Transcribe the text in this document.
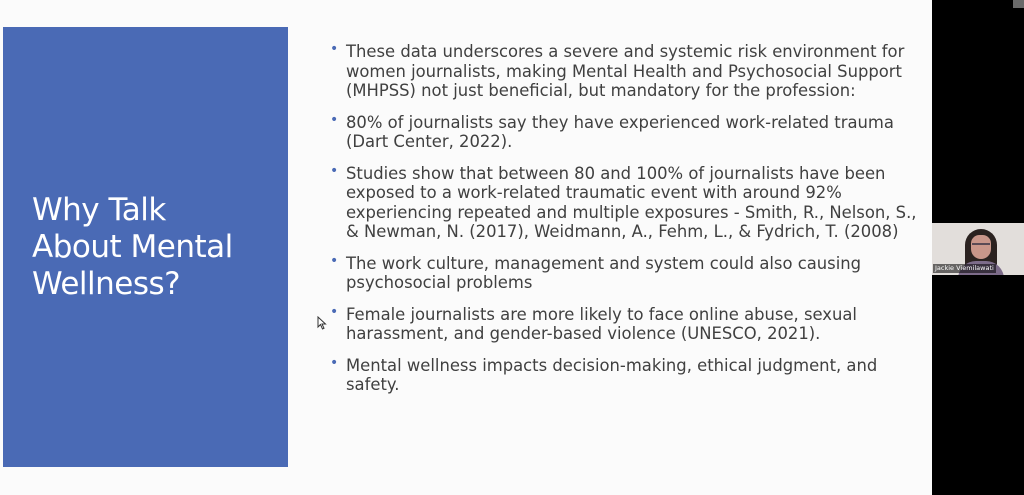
Why Talk
About Mental
Wellness?
• These data underscores a severe and systemic risk environment for women journalists, making Mental Health and Psychosocial Support (MHPSS) not just beneficial, but mandatory for the profession:
• 80% of journalists say they have experienced work-related trauma (Dart Center, 2022).
• Studies show that between 80 and 100% of journalists have been exposed to a work-related traumatic event with around 92% experiencing repeated and multiple exposures - Smith, R., Nelson, S., & Newman, N. (2017), Weidmann, A., Fehm, L., & Fydrich, T. (2008)
• The work culture, management and system could also causing psychosocial problems
• Female journalists are more likely to face online abuse, sexual harassment, and gender-based violence (UNESCO, 2021).
• Mental wellness impacts decision-making, ethical judgment, and safety.
Jackie Viemilawati
